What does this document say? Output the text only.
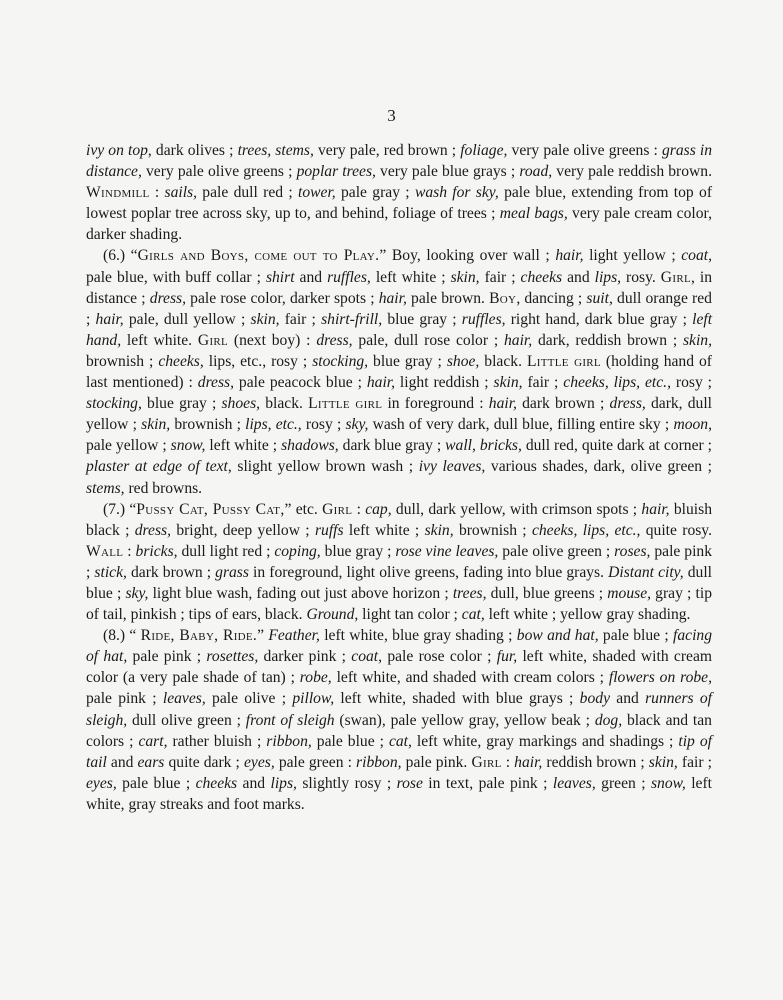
3

ivy on top, dark olives ; trees, stems, very pale, red brown ; foliage, very pale olive greens : grass in distance, very pale olive greens ; poplar trees, very pale blue grays ; road, very pale reddish brown. Windmill : sails, pale dull red ; tower, pale gray ; wash for sky, pale blue, extending from top of lowest poplar tree across sky, up to, and behind, foliage of trees ; meal bags, very pale cream color, darker shading.

(6.) “Girls and Boys, come out to Play.” Boy, looking over wall ; hair, light yellow ; coat, pale blue, with buff collar ; shirt and ruffles, left white ; skin, fair ; cheeks and lips, rosy. Girl, in distance ; dress, pale rose color, darker spots ; hair, pale brown. Boy, dancing ; suit, dull orange red ; hair, pale, dull yellow ; skin, fair ; shirt-frill, blue gray ; ruffles, right hand, dark blue gray ; left hand, left white. Girl (next boy) : dress, pale, dull rose color ; hair, dark, reddish brown ; skin, brownish ; cheeks, lips, etc., rosy ; stocking, blue gray ; shoe, black. Little girl (holding hand of last mentioned) : dress, pale peacock blue ; hair, light reddish ; skin, fair ; cheeks, lips, etc., rosy ; stocking, blue gray ; shoes, black. Little girl in foreground : hair, dark brown ; dress, dark, dull yellow ; skin, brownish ; lips, etc., rosy ; sky, wash of very dark, dull blue, filling entire sky ; moon, pale yellow ; snow, left white ; shadows, dark blue gray ; wall, bricks, dull red, quite dark at corner ; plaster at edge of text, slight yellow brown wash ; ivy leaves, various shades, dark, olive green ; stems, red browns.

(7.) “Pussy Cat, Pussy Cat,” etc. Girl : cap, dull, dark yellow, with crimson spots ; hair, bluish black ; dress, bright, deep yellow ; ruffs left white ; skin, brownish ; cheeks, lips, etc., quite rosy. Wall : bricks, dull light red ; coping, blue gray ; rose vine leaves, pale olive green ; roses, pale pink ; stick, dark brown ; grass in foreground, light olive greens, fading into blue grays. Distant city, dull blue ; sky, light blue wash, fading out just above horizon ; trees, dull, blue greens ; mouse, gray ; tip of tail, pinkish ; tips of ears, black. Ground, light tan color ; cat, left white ; yellow gray shading.

(8.) “ Ride, Baby, Ride.” Feather, left white, blue gray shading ; bow and hat, pale blue ; facing of hat, pale pink ; rosettes, darker pink ; coat, pale rose color ; fur, left white, shaded with cream color (a very pale shade of tan) ; robe, left white, and shaded with cream colors ; flowers on robe, pale pink ; leaves, pale olive ; pillow, left white, shaded with blue grays ; body and runners of sleigh, dull olive green ; front of sleigh (swan), pale yellow gray, yellow beak ; dog, black and tan colors ; cart, rather bluish ; ribbon, pale blue ; cat, left white, gray markings and shadings ; tip of tail and ears quite dark ; eyes, pale green : ribbon, pale pink. Girl : hair, reddish brown ; skin, fair ; eyes, pale blue ; cheeks and lips, slightly rosy ; rose in text, pale pink ; leaves, green ; snow, left white, gray streaks and foot marks.
